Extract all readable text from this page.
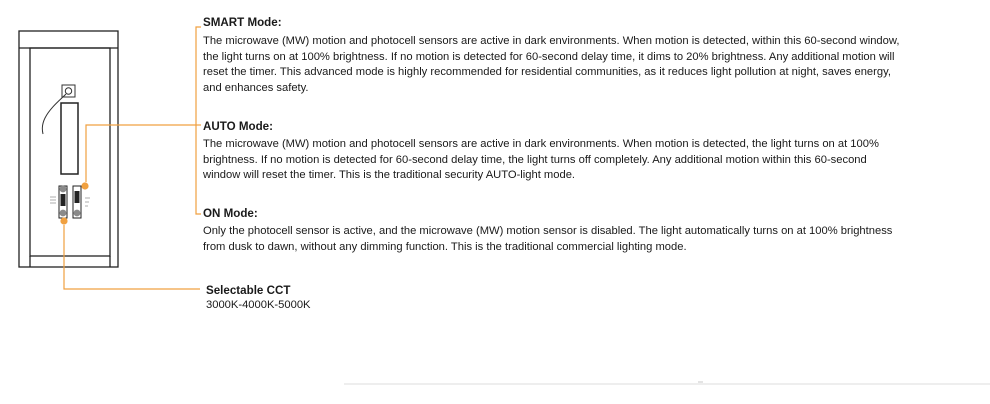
SMART Mode:

The microwave (MW) motion and photocell sensors are active in dark environments. When motion is detected, within this 60-second window,

the light turns on at 100% brightness. If no motion is detected for 60-second delay time, it dims to 20% brightness. Any additional motion will

reset the timer. This advanced mode is highly recommended for residential communities, as it reduces light pollution at night, saves energy,

and enhances safety.

AUTO Mode:

The microwave (MW) motion and photocell sensors are active in dark environments. When motion is detected, the light turns on at 100%

brightness. If no motion is detected for 60-second delay time, the light turns off completely. Any additional motion within this 60-second

window will reset the timer. This is the traditional security AUTO-light mode.

ON Mode:

Only the photocell sensor is active, and the microwave (MW) motion sensor is disabled. The light automatically turns on at 100% brightness

from dusk to dawn, without any dimming function. This is the traditional commercial lighting mode.

Selectable CCT

3000K-4000K-5000K
